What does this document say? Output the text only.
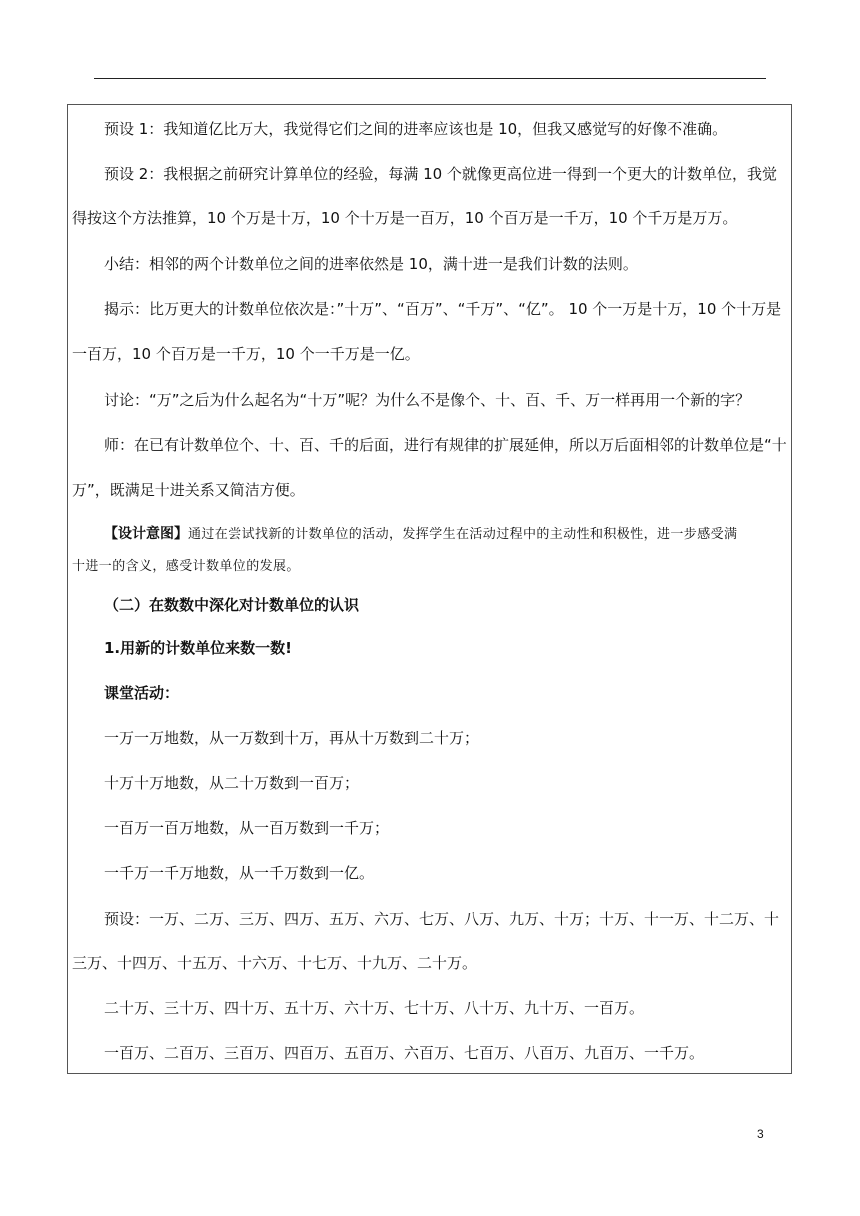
预设 1：我知道亿比万大，我觉得它们之间的进率应该也是 10，但我又感觉写的好像不准确。

预设 2：我根据之前研究计算单位的经验，每满 10 个就像更高位进一得到一个更大的计数单位，我觉

得按这个方法推算，10 个万是十万，10 个十万是一百万，10 个百万是一千万，10 个千万是万万。

小结：相邻的两个计数单位之间的进率依然是 10，满十进一是我们计数的法则。

揭示：比万更大的计数单位依次是：”十万”、“百万”、“千万”、“亿”。 10 个一万是十万，10 个十万是

一百万，10 个百万是一千万，10 个一千万是一亿。

讨论：“万”之后为什么起名为“十万”呢？为什么不是像个、十、百、千、万一样再用一个新的字？

师：在已有计数单位个、十、百、千的后面，进行有规律的扩展延伸，所以万后面相邻的计数单位是“十

万”，既满足十进关系又简洁方便。

【设计意图】通过在尝试找新的计数单位的活动，发挥学生在活动过程中的主动性和积极性，进一步感受满

十进一的含义，感受计数单位的发展。

（二）在数数中深化对计数单位的认识

1.用新的计数单位来数一数!

课堂活动：

一万一万地数，从一万数到十万，再从十万数到二十万；

十万十万地数，从二十万数到一百万；

一百万一百万地数，从一百万数到一千万；

一千万一千万地数，从一千万数到一亿。

预设：一万、二万、三万、四万、五万、六万、七万、八万、九万、十万；十万、十一万、十二万、十

三万、十四万、十五万、十六万、十七万、十九万、二十万。

二十万、三十万、四十万、五十万、六十万、七十万、八十万、九十万、一百万。

一百万、二百万、三百万、四百万、五百万、六百万、七百万、八百万、九百万、一千万。

3
